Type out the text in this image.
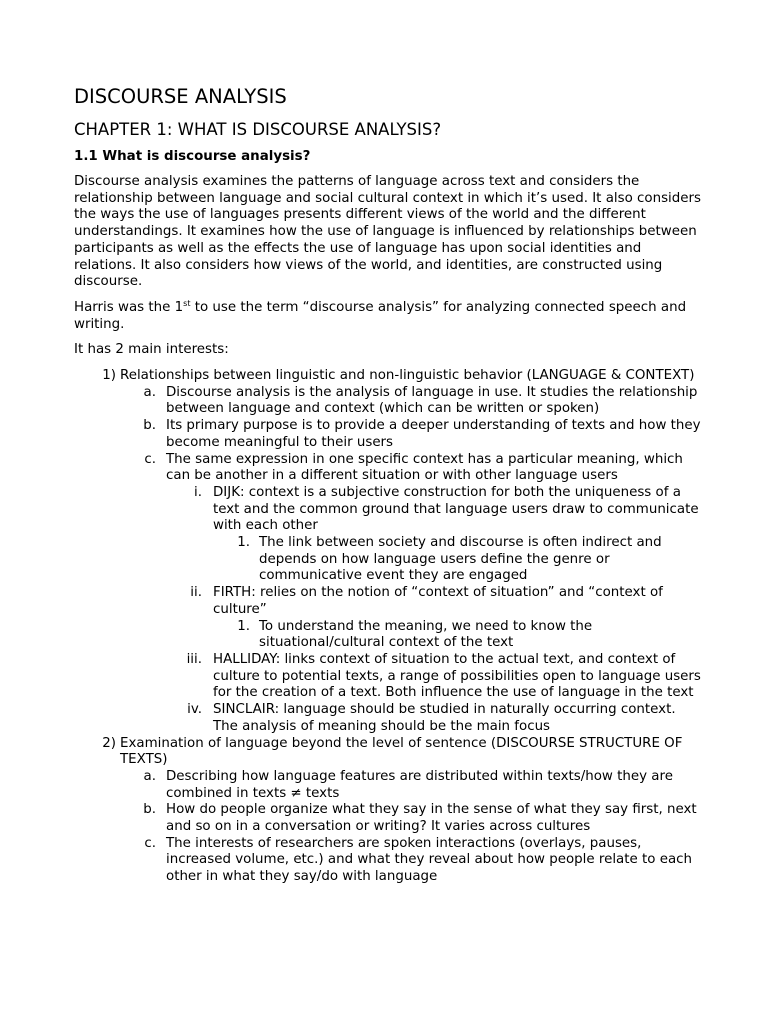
DISCOURSE ANALYSIS
CHAPTER 1: WHAT IS DISCOURSE ANALYSIS?
1.1 What is discourse analysis?

Discourse analysis examines the patterns of language across text and considers the relationship between language and social cultural context in which it’s used. It also considers the ways the use of languages presents different views of the world and the different understandings. It examines how the use of language is influenced by relationships between participants as well as the effects the use of language has upon social identities and relations. It also considers how views of the world, and identities, are constructed using discourse.

Harris was the 1st to use the term “discourse analysis” for analyzing connected speech and writing.

It has 2 main interests:

1) Relationships between linguistic and non-linguistic behavior (LANGUAGE & CONTEXT)
a. Discourse analysis is the analysis of language in use. It studies the relationship between language and context (which can be written or spoken)
b. Its primary purpose is to provide a deeper understanding of texts and how they become meaningful to their users
c. The same expression in one specific context has a particular meaning, which can be another in a different situation or with other language users
i. DIJK: context is a subjective construction for both the uniqueness of a text and the common ground that language users draw to communicate with each other
1. The link between society and discourse is often indirect and depends on how language users define the genre or communicative event they are engaged
ii. FIRTH: relies on the notion of “context of situation” and “context of culture”
1. To understand the meaning, we need to know the situational/cultural context of the text
iii. HALLIDAY: links context of situation to the actual text, and context of culture to potential texts, a range of possibilities open to language users for the creation of a text. Both influence the use of language in the text
iv. SINCLAIR: language should be studied in naturally occurring context. The analysis of meaning should be the main focus
2) Examination of language beyond the level of sentence (DISCOURSE STRUCTURE OF TEXTS)
a. Describing how language features are distributed within texts/how they are combined in texts ≠ texts
b. How do people organize what they say in the sense of what they say first, next and so on in a conversation or writing? It varies across cultures
c. The interests of researchers are spoken interactions (overlays, pauses, increased volume, etc.) and what they reveal about how people relate to each other in what they say/do with language
